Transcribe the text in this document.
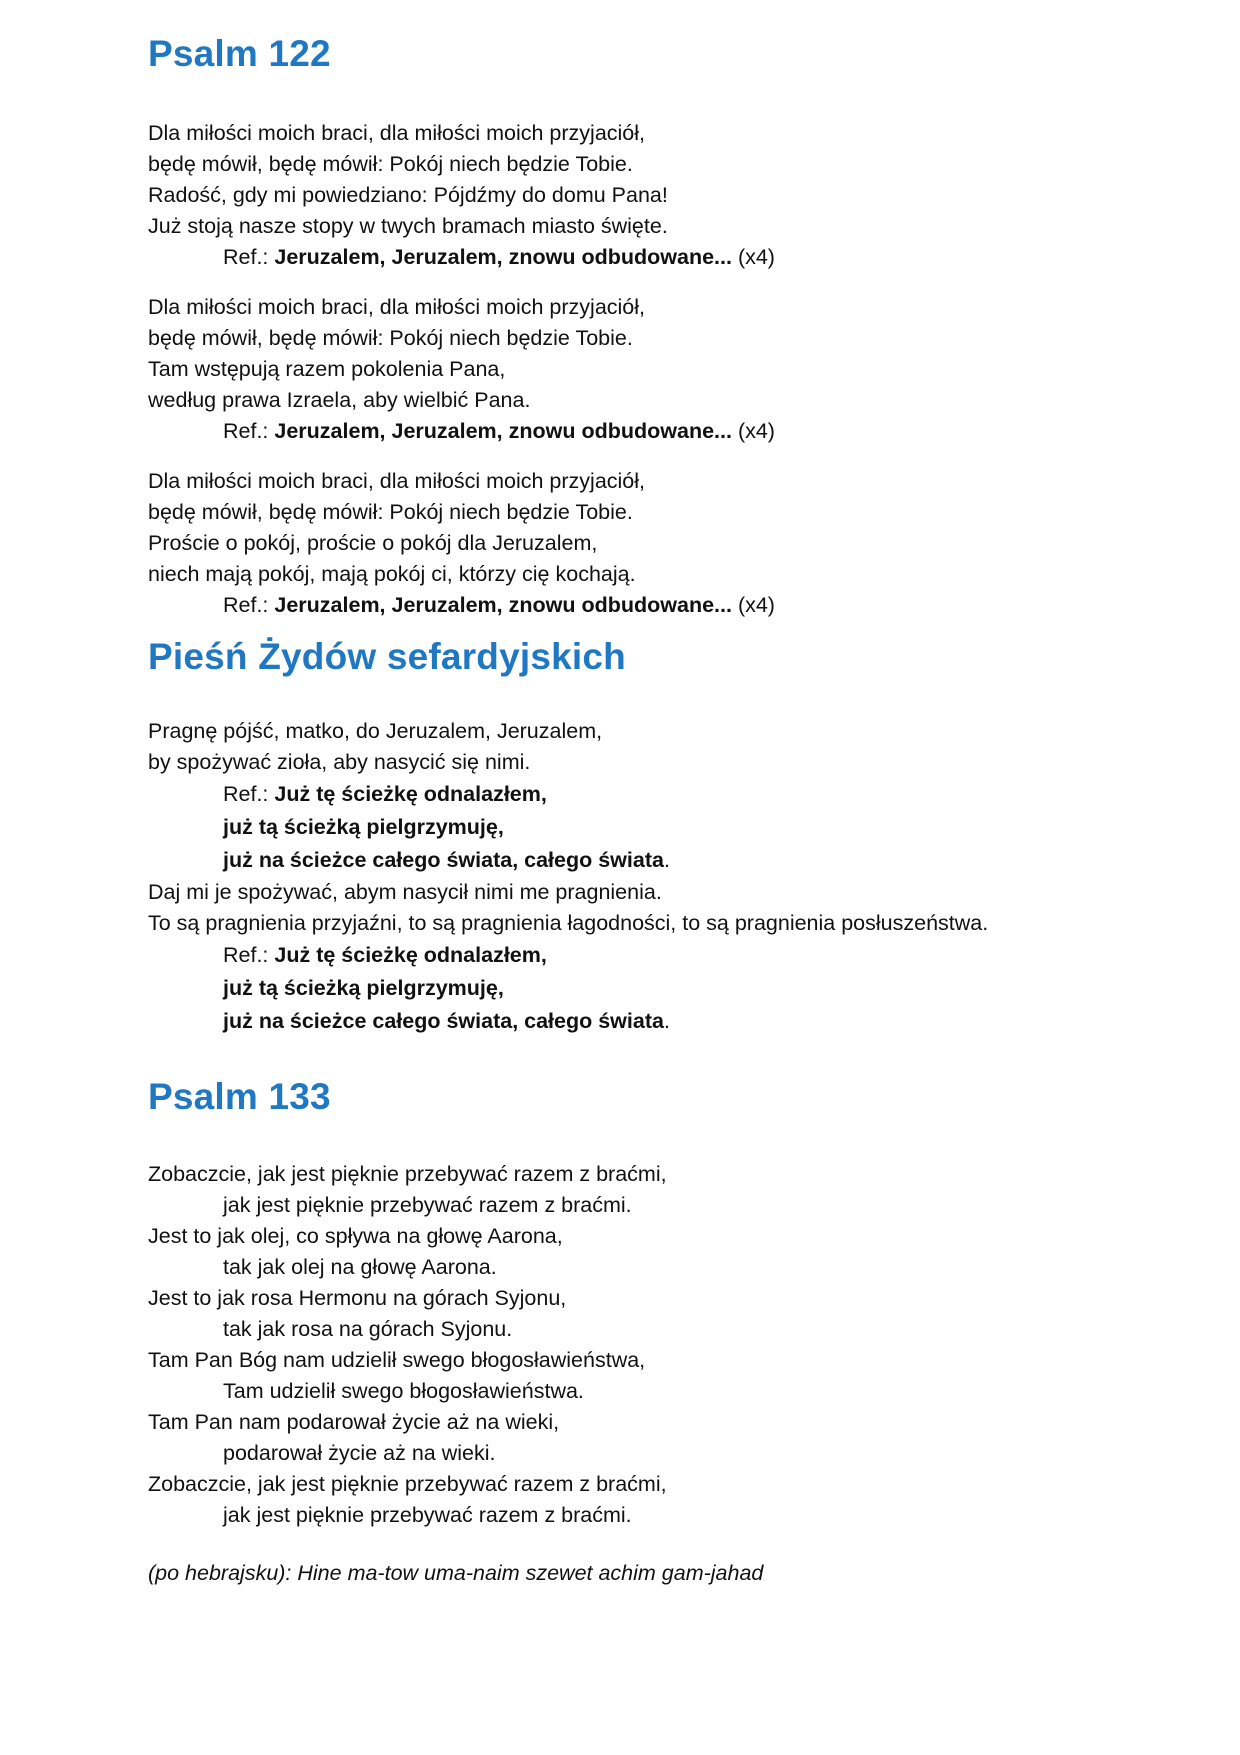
Psalm 122
Dla miłości moich braci, dla miłości moich przyjaciół,
będę mówił, będę mówił: Pokój niech będzie Tobie.
Radość, gdy mi powiedziano: Pójdźmy do domu Pana!
Już stoją nasze stopy w twych bramach miasto święte.
Ref.: Jeruzalem, Jeruzalem, znowu odbudowane... (x4)
Dla miłości moich braci, dla miłości moich przyjaciół,
będę mówił, będę mówił: Pokój niech będzie Tobie.
Tam wstępują razem pokolenia Pana,
według prawa Izraela, aby wielbić Pana.
Ref.: Jeruzalem, Jeruzalem, znowu odbudowane... (x4)
Dla miłości moich braci, dla miłości moich przyjaciół,
będę mówił, będę mówił: Pokój niech będzie Tobie.
Proście o pokój, proście o pokój dla Jeruzalem,
niech mają pokój, mają pokój ci, którzy cię kochają.
Ref.: Jeruzalem, Jeruzalem, znowu odbudowane... (x4)
Pieśń Żydów sefardyjskich
Pragnę pójść, matko, do Jeruzalem, Jeruzalem,
by spożywać zioła, aby nasycić się nimi.
Ref.: Już tę ścieżkę odnalazłem,
już tą ścieżką pielgrzymuję,
już na ścieżce całego świata, całego świata.
Daj mi je spożywać, abym nasycił nimi me pragnienia.
To są pragnienia przyjaźni, to są pragnienia łagodności, to są pragnienia posłuszeństwa.
Ref.: Już tę ścieżkę odnalazłem,
już tą ścieżką pielgrzymuję,
już na ścieżce całego świata, całego świata.
Psalm 133
Zobaczcie, jak jest pięknie przebywać razem z braćmi,
jak jest pięknie przebywać razem z braćmi.
Jest to jak olej, co spływa na głowę Aarona,
tak jak olej na głowę Aarona.
Jest to jak rosa Hermonu na górach Syjonu,
tak jak rosa na górach Syjonu.
Tam Pan Bóg nam udzielił swego błogosławieństwa,
Tam udzielił swego błogosławieństwa.
Tam Pan nam podarował życie aż na wieki,
podarował życie aż na wieki.
Zobaczcie, jak jest pięknie przebywać razem z braćmi,
jak jest pięknie przebywać razem z braćmi.
(po hebrajsku): Hine ma-tow uma-naim szewet achim gam-jahad
